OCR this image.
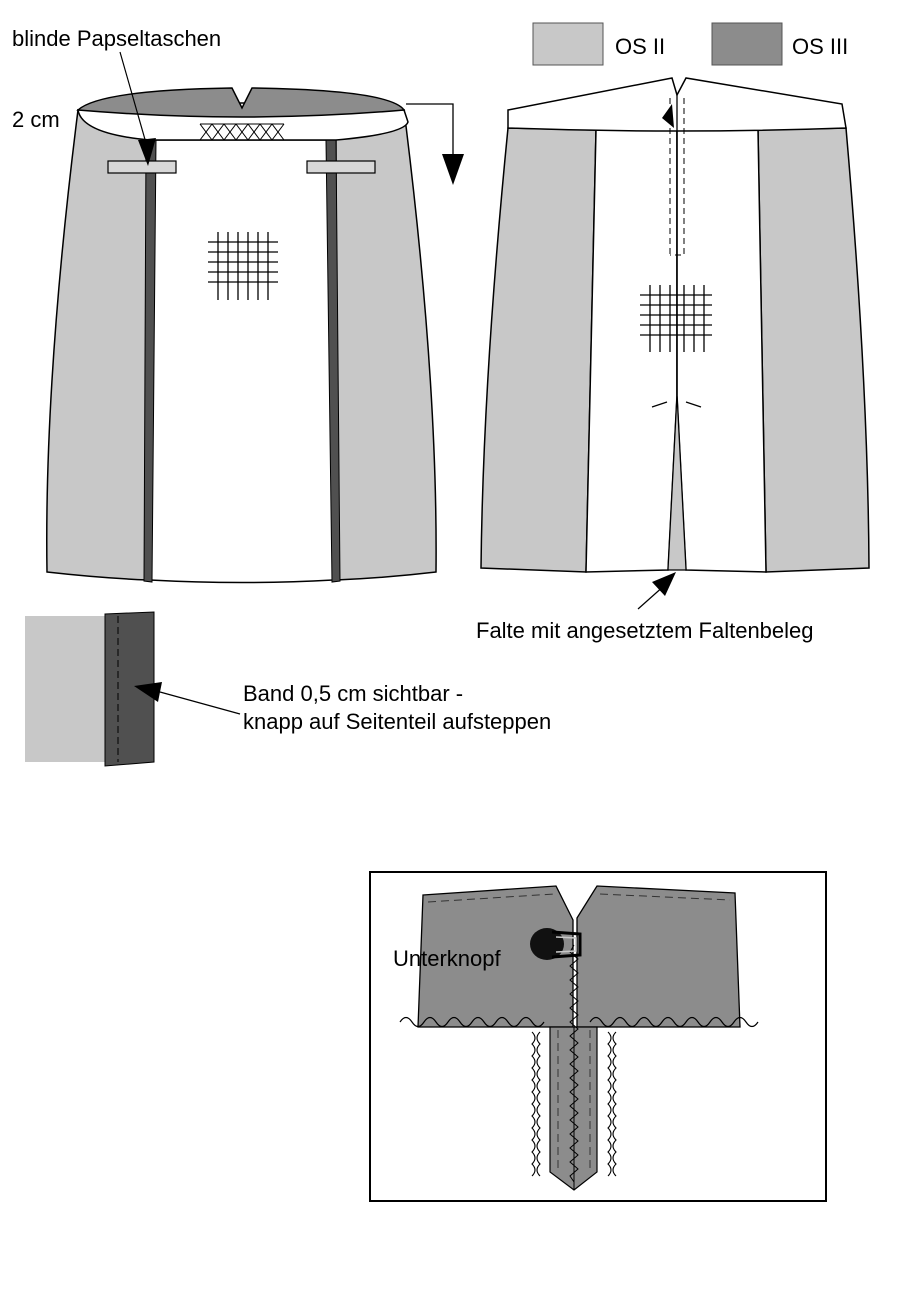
blinde Papseltaschen
2 cm
OS II	OS III
Falte mit angesetztem Faltenbeleg
Band 0,5 cm sichtbar -
knapp auf Seitenteil aufsteppen
Unterknopf
